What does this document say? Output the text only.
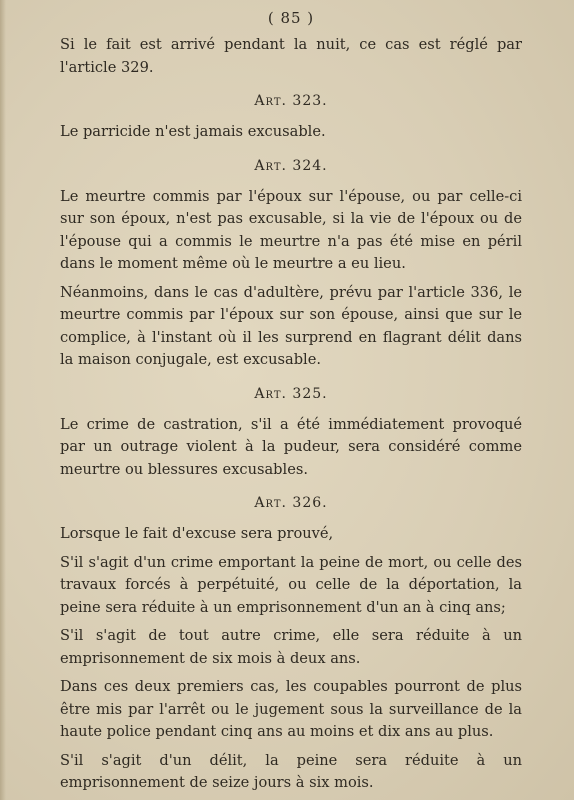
( 85 )

Si le fait est arrivé pendant la nuit, ce cas est réglé par l'article 329.

Art. 323.

Le parricide n'est jamais excusable.

Art. 324.

Le meurtre commis par l'époux sur l'épouse, ou par celle-ci sur son époux, n'est pas excusable, si la vie de l'époux ou de l'épouse qui a commis le meurtre n'a pas été mise en péril dans le moment même où le meurtre a eu lieu.

Néanmoins, dans le cas d'adultère, prévu par l'article 336, le meurtre commis par l'époux sur son épouse, ainsi que sur le complice, à l'instant où il les surprend en flagrant délit dans la maison conjugale, est excusable.

Art. 325.

Le crime de castration, s'il a été immédiatement provoqué par un outrage violent à la pudeur, sera considéré comme meurtre ou blessures excusables.

Art. 326.

Lorsque le fait d'excuse sera prouvé,

S'il s'agit d'un crime emportant la peine de mort, ou celle des travaux forcés à perpétuité, ou celle de la déportation, la peine sera réduite à un emprisonnement d'un an à cinq ans;

S'il s'agit de tout autre crime, elle sera réduite à un emprisonnement de six mois à deux ans.

Dans ces deux premiers cas, les coupables pourront de plus être mis par l'arrêt ou le jugement sous la surveillance de la haute police pendant cinq ans au moins et dix ans au plus.

S'il s'agit d'un délit, la peine sera réduite à un emprisonnement de seize jours à six mois.
